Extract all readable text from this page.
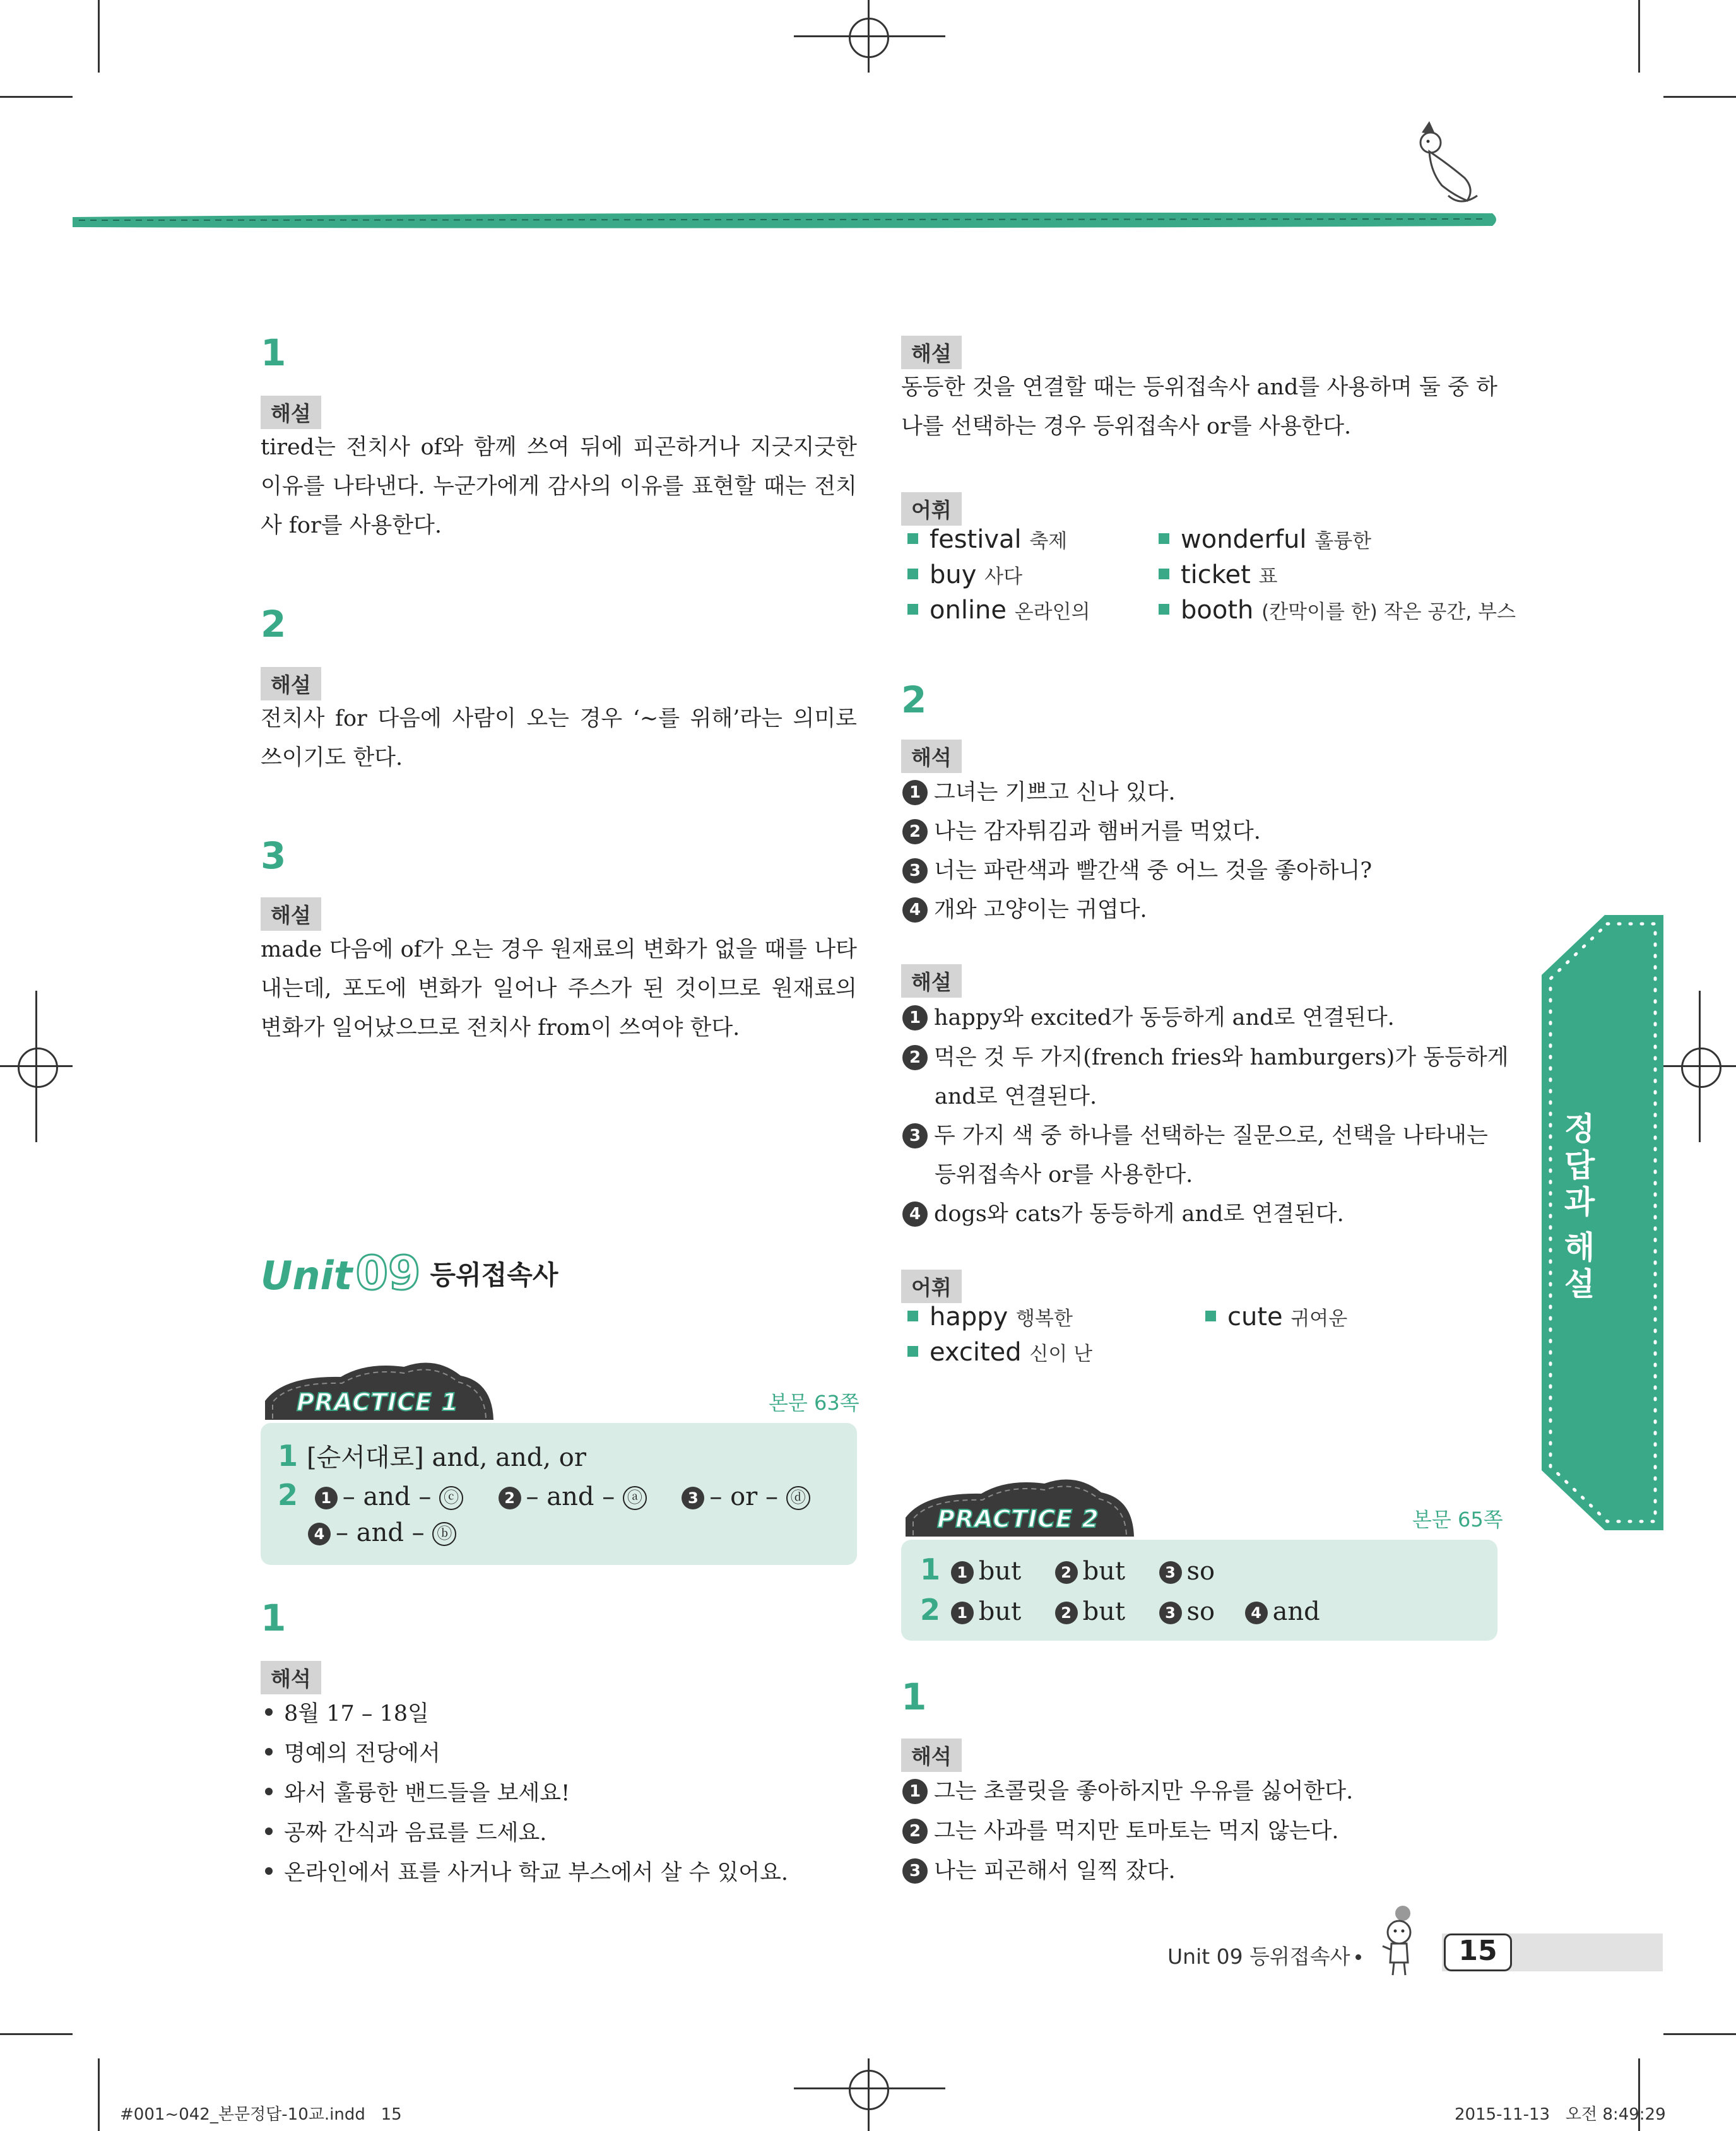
1
해설
tired는 전치사 of와 함께 쓰여 뒤에 피곤하거나 지긋지긋한 이유를 나타낸다. 누군가에게 감사의 이유를 표현할 때는 전치사 for를 사용한다.
2
해설
전치사 for 다음에 사람이 오는 경우 ‘~를 위해’라는 의미로 쓰이기도 한다.
3
해설
made 다음에 of가 오는 경우 원재료의 변화가 없을 때를 나타내는데, 포도에 변화가 일어나 주스가 된 것이므로 원재료의 변화가 일어났으므로 전치사 from이 쓰여야 한다.
Unit 09 등위접속사
PRACTICE 1	본문 63쪽
1 [순서대로] and, and, or
2 1 – and – ⓒ	2 – and – ⓐ	3 – or – ⓓ
4 – and – ⓑ
1
해석
8월 17 – 18일
명예의 전당에서
와서 훌륭한 밴드들을 보세요!
공짜 간식과 음료를 드세요.
온라인에서 표를 사거나 학교 부스에서 살 수 있어요.
해설
동등한 것을 연결할 때는 등위접속사 and를 사용하며 둘 중 하나를 선택하는 경우 등위접속사 or를 사용한다.
어휘
festival 축제	wonderful 훌륭한
buy 사다	ticket 표
online 온라인의	booth (칸막이를 한) 작은 공간, 부스
2
해석
1 그녀는 기쁘고 신나 있다.
2 나는 감자튀김과 햄버거를 먹었다.
3 너는 파란색과 빨간색 중 어느 것을 좋아하니?
4 개와 고양이는 귀엽다.
해설
1 happy와 excited가 동등하게 and로 연결된다.
2 먹은 것 두 가지(french fries와 hamburgers)가 동등하게
and로 연결된다.
3 두 가지 색 중 하나를 선택하는 질문으로, 선택을 나타내는
등위접속사 or를 사용한다.
4 dogs와 cats가 동등하게 and로 연결된다.
어휘
happy 행복한	cute 귀여운
excited 신이 난
PRACTICE 2	본문 65쪽
1 1 but	2 but	3 so
2 1 but	2 but	3 so 4 and
1
해석
1 그는 초콜릿을 좋아하지만 우유를 싫어한다.
2 그는 사과를 먹지만 토마토는 먹지 않는다.
3 나는 피곤해서 일찍 잤다.
정
답
과
해
설
Unit 09 등위접속사	15
#001~042_본문정답-10교.indd   15	2015-11-13   오전 8:49:29
